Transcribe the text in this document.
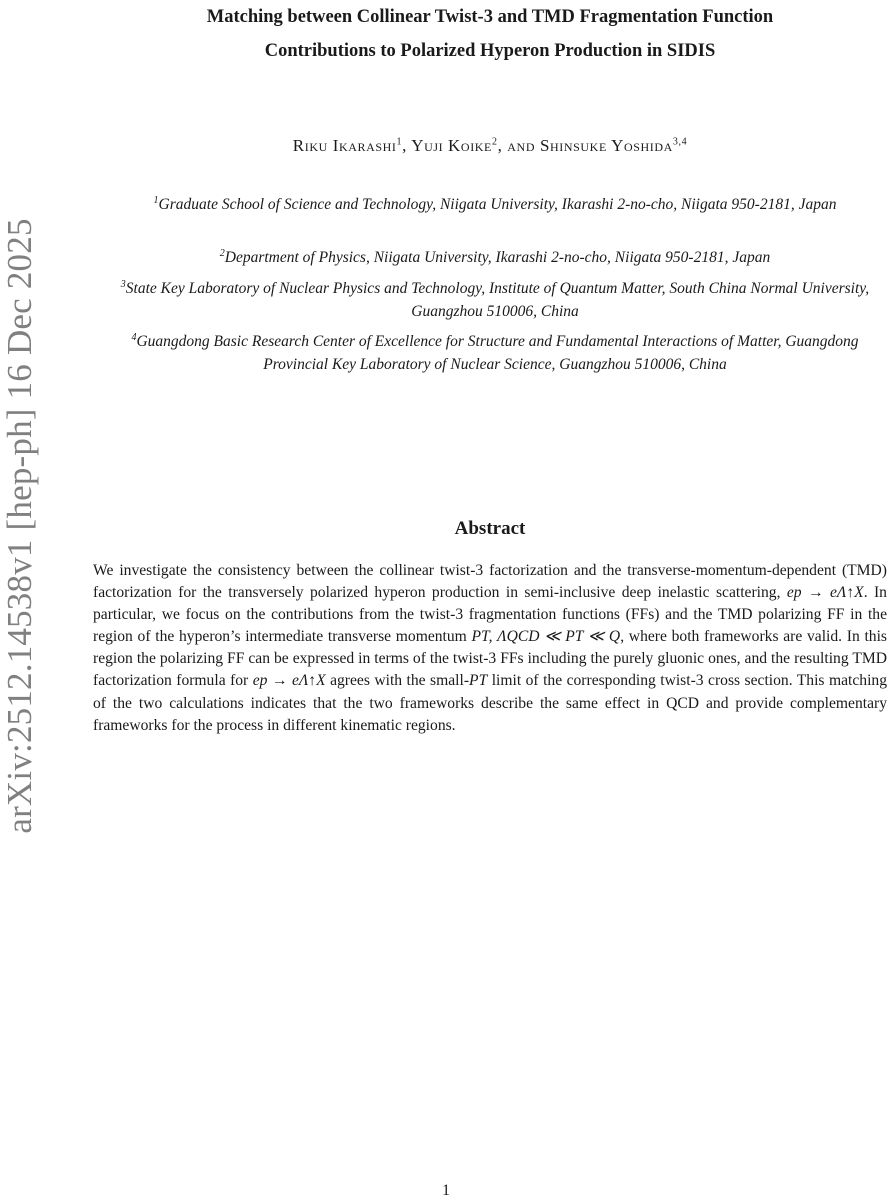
arXiv:2512.14538v1 [hep-ph] 16 Dec 2025
Matching between Collinear Twist-3 and TMD Fragmentation Function
Contributions to Polarized Hyperon Production in SIDIS
Riku Ikarashi$^1$, Yuji Koike$^2$, and Shinsuke Yoshida$^{3,4}$
$^1$Graduate School of Science and Technology, Niigata University, Ikarashi 2-no-cho, Niigata 950-2181, Japan
$^2$Department of Physics, Niigata University, Ikarashi 2-no-cho, Niigata 950-2181, Japan
$^3$State Key Laboratory of Nuclear Physics and Technology, Institute of Quantum Matter, South China Normal University, Guangzhou 510006, China
$^4$Guangdong Basic Research Center of Excellence for Structure and Fundamental Interactions of Matter, Guangdong Provincial Key Laboratory of Nuclear Science, Guangzhou 510006, China
Abstract
We investigate the consistency between the collinear twist-3 factorization and the transverse-momentum-dependent (TMD) factorization for the transversely polarized hyperon production in semi-inclusive deep inelastic scattering, ep → eΛ↑X. In particular, we focus on the contributions from the twist-3 fragmentation functions (FFs) and the TMD polarizing FF in the region of the hyperon’s intermediate transverse momentum PT, ΛQCD ≪ PT ≪ Q, where both frameworks are valid. In this region the polarizing FF can be expressed in terms of the twist-3 FFs including the purely gluonic ones, and the resulting TMD factorization formula for ep → eΛ↑X agrees with the small-PT limit of the corresponding twist-3 cross section. This matching of the two calculations indicates that the two frameworks describe the same effect in QCD and provide complementary frameworks for the process in different kinematic regions.
1
